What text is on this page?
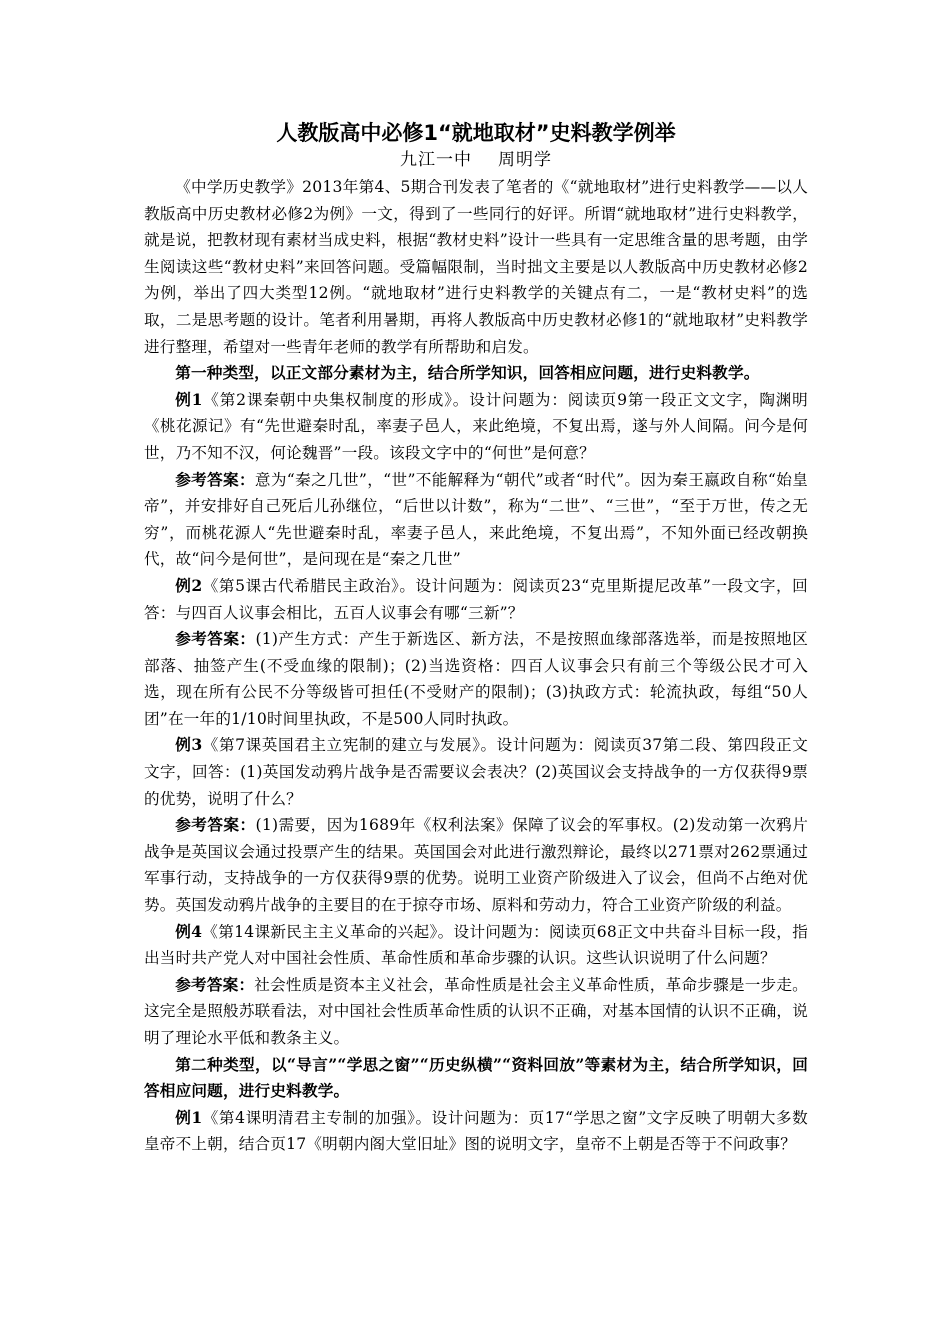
人教版高中必修1“就地取材”史料教学例举
九江一中 周明学

《中学历史教学》2013年第4、5期合刊发表了笔者的《“就地取材”进行史料教学——以人教版高中历史教材必修2为例》一文，得到了一些同行的好评。所谓“就地取材”进行史料教学，就是说，把教材现有素材当成史料，根据“教材史料”设计一些具有一定思维含量的思考题，由学生阅读这些“教材史料”来回答问题。受篇幅限制，当时拙文主要是以人教版高中历史教材必修2为例，举出了四大类型12例。“就地取材”进行史料教学的关键点有二，一是“教材史料”的选取，二是思考题的设计。笔者利用暑期，再将人教版高中历史教材必修1的“就地取材”史料教学进行整理，希望对一些青年老师的教学有所帮助和启发。

第一种类型，以正文部分素材为主，结合所学知识，回答相应问题，进行史料教学。

例1《第2课秦朝中央集权制度的形成》。设计问题为：阅读页9第一段正文文字，陶渊明《桃花源记》有“先世避秦时乱，率妻子邑人，来此绝境，不复出焉，遂与外人间隔。问今是何世，乃不知不汉，何论魏晋”一段。该段文字中的“何世”是何意？

参考答案：意为“秦之几世”，“世”不能解释为“朝代”或者“时代”。因为秦王嬴政自称“始皇帝”，并安排好自己死后儿孙继位，“后世以计数”，称为“二世”、“三世”，“至于万世，传之无穷”，而桃花源人“先世避秦时乱，率妻子邑人，来此绝境，不复出焉”，不知外面已经改朝换代，故“问今是何世”，是问现在是“秦之几世”

例2《第5课古代希腊民主政治》。设计问题为：阅读页23“克里斯提尼改革”一段文字，回答：与四百人议事会相比，五百人议事会有哪“三新”？

参考答案：(1)产生方式：产生于新选区、新方法，不是按照血缘部落选举，而是按照地区部落、抽签产生(不受血缘的限制)；(2)当选资格：四百人议事会只有前三个等级公民才可入选，现在所有公民不分等级皆可担任(不受财产的限制)；(3)执政方式：轮流执政，每组“50人团”在一年的1/10时间里执政，不是500人同时执政。

例3《第7课英国君主立宪制的建立与发展》。设计问题为：阅读页37第二段、第四段正文文字，回答：(1)英国发动鸦片战争是否需要议会表决？(2)英国议会支持战争的一方仅获得9票的优势，说明了什么？

参考答案：(1)需要，因为1689年《权利法案》保障了议会的军事权。(2)发动第一次鸦片战争是英国议会通过投票产生的结果。英国国会对此进行激烈辩论，最终以271票对262票通过军事行动，支持战争的一方仅获得9票的优势。说明工业资产阶级进入了议会，但尚不占绝对优势。英国发动鸦片战争的主要目的在于掠夺市场、原料和劳动力，符合工业资产阶级的利益。

例4《第14课新民主主义革命的兴起》。设计问题为：阅读页68正文中共奋斗目标一段，指出当时共产党人对中国社会性质、革命性质和革命步骤的认识。这些认识说明了什么问题？

参考答案：社会性质是资本主义社会，革命性质是社会主义革命性质，革命步骤是一步走。这完全是照般苏联看法，对中国社会性质革命性质的认识不正确，对基本国情的认识不正确，说明了理论水平低和教条主义。

第二种类型，以“导言”“学思之窗”“历史纵横”“资料回放”等素材为主，结合所学知识，回答相应问题，进行史料教学。

例1《第4课明清君主专制的加强》。设计问题为：页17“学思之窗”文字反映了明朝大多数皇帝不上朝，结合页17《明朝内阁大堂旧址》图的说明文字，皇帝不上朝是否等于不问政事？
